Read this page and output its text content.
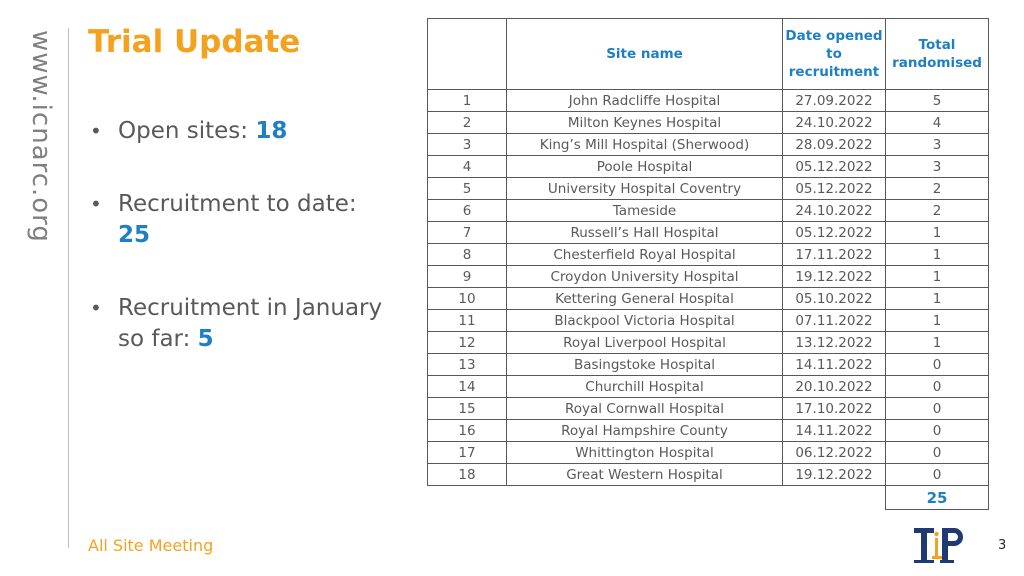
www.icnarc.org Trial Update
• Open sites: 18
• Recruitment to date: 25
• Recruitment in January so far: 5
	Site name	Date opened to recruitment	Total randomised
1	John Radcliffe Hospital	27.09.2022	5
2	Milton Keynes Hospital	24.10.2022	4
3	King’s Mill Hospital (Sherwood)	28.09.2022	3
4	Poole Hospital	05.12.2022	3
5	University Hospital Coventry	05.12.2022	2
6	Tameside	24.10.2022	2
7	Russell’s Hall Hospital	05.12.2022	1
8	Chesterfield Royal Hospital	17.11.2022	1
9	Croydon University Hospital	19.12.2022	1
10	Kettering General Hospital	05.10.2022	1
11	Blackpool Victoria Hospital	07.11.2022	1
12	Royal Liverpool Hospital	13.12.2022	1
13	Basingstoke Hospital	14.11.2022	0
14	Churchill Hospital	20.10.2022	0
15	Royal Cornwall Hospital	17.10.2022	0
16	Royal Hampshire County	14.11.2022	0
17	Whittington Hospital	06.12.2022	0
18	Great Western Hospital	19.12.2022	0
			25
All Site Meeting	3
